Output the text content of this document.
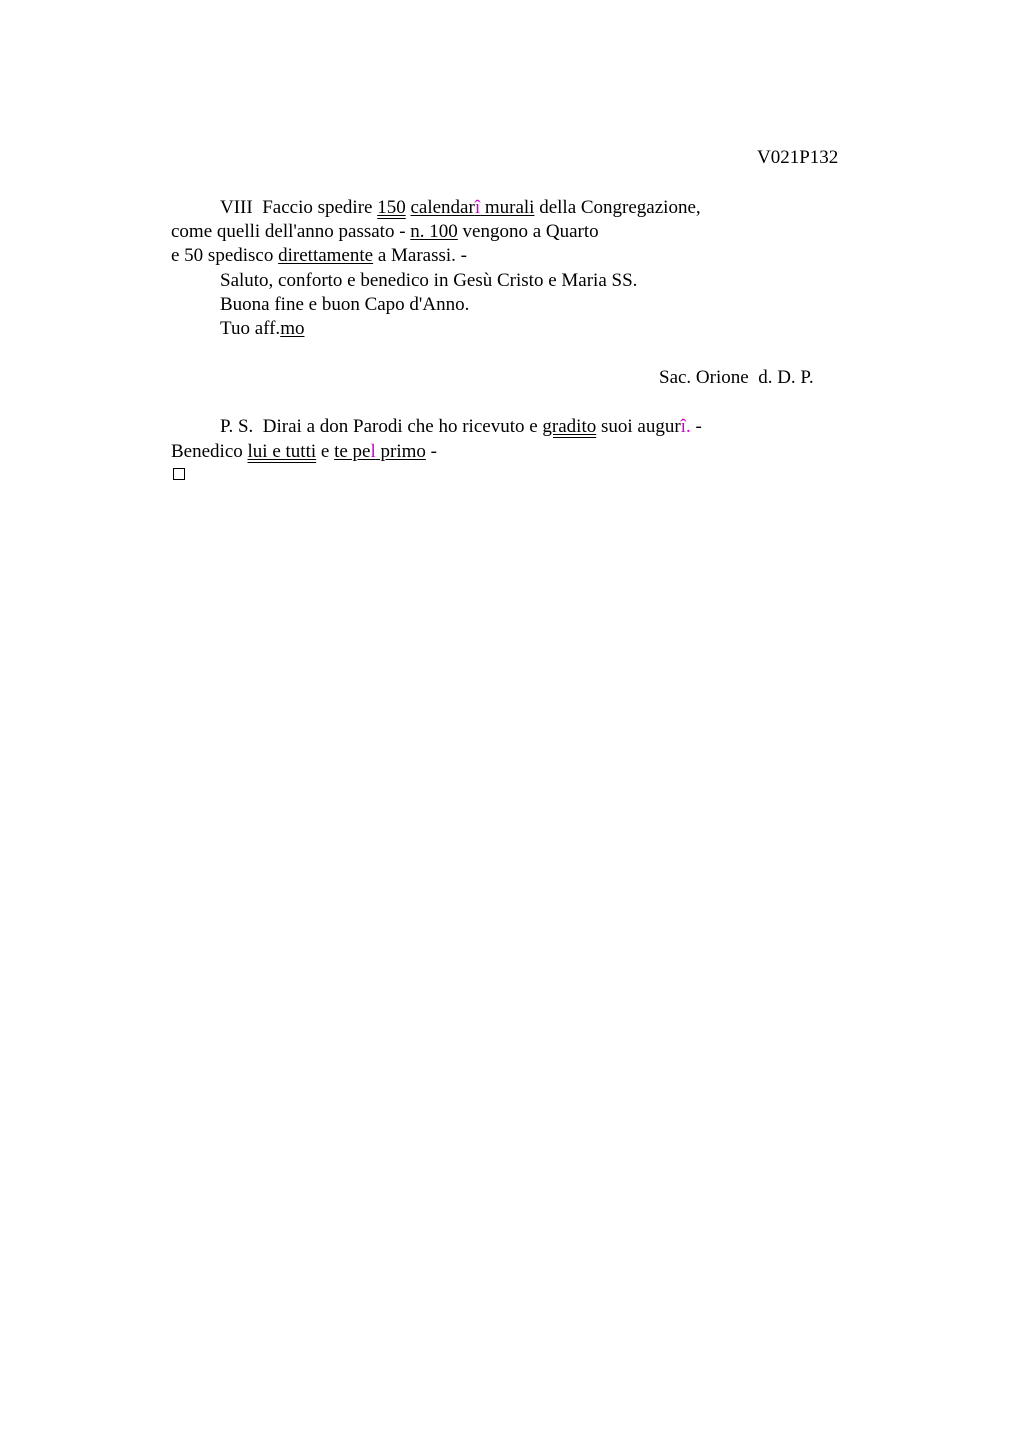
V021P132
VIII  Faccio spedire 150 calendarî murali della Congregazione,
come quelli dell'anno passato - n. 100 vengono a Quarto
e 50 spedisco direttamente a Marassi. -
Saluto, conforto e benedico in Gesù Cristo e Maria SS.
Buona fine e buon Capo d'Anno.
Tuo aff.mo
Sac. Orione  d. D. P.
P. S.  Dirai a don Parodi che ho ricevuto e gradito suoi augurî. -
Benedico lui e tutti e te pel primo -
